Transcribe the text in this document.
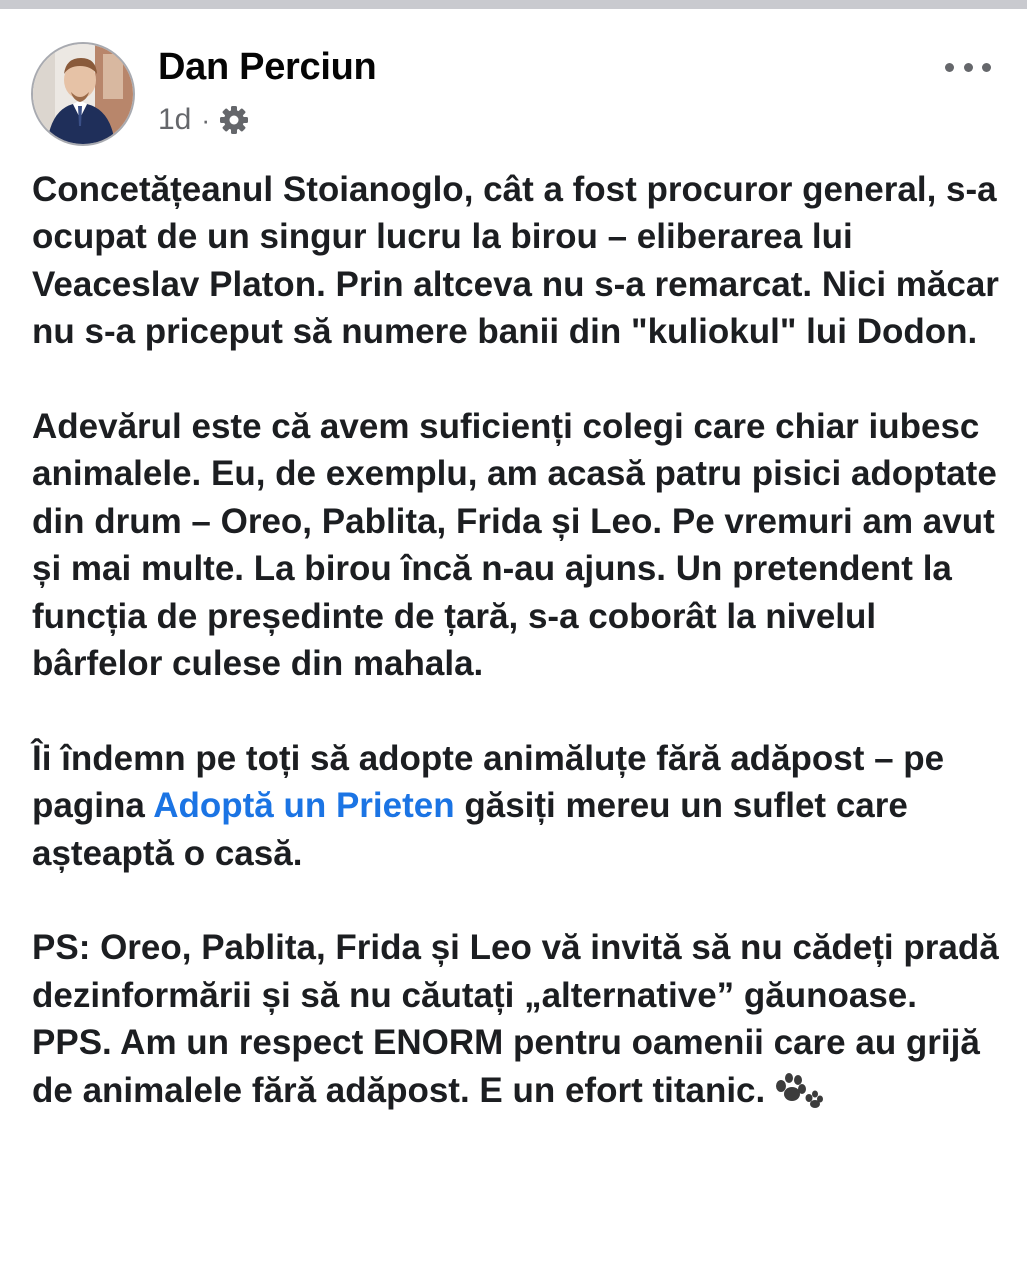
Dan Perciun
1d ·

Concetățeanul Stoianoglo, cât a fost procuror general, s-a ocupat de un singur lucru la birou – eliberarea lui Veaceslav Platon. Prin altceva nu s-a remarcat. Nici măcar nu s-a priceput să numere banii din "kuliokul" lui Dodon.

Adevărul este că avem suficienți colegi care chiar iubesc animalele. Eu, de exemplu, am acasă patru pisici adoptate din drum – Oreo, Pablita, Frida și Leo. Pe vremuri am avut și mai multe. La birou încă n-au ajuns. Un pretendent la funcția de președinte de țară, s-a coborât la nivelul bârfelor culese din mahala.

Îi îndemn pe toți să adopte animăluțe fără adăpost – pe pagina Adoptă un Prieten găsiți mereu un suflet care așteaptă o casă.

PS: Oreo, Pablita, Frida și Leo vă invită să nu cădeți pradă dezinformării și să nu căutați „alternative” găunoase.

PPS. Am un respect ENORM pentru oamenii care au grijă de animalele fără adăpost. E un efort titanic.
